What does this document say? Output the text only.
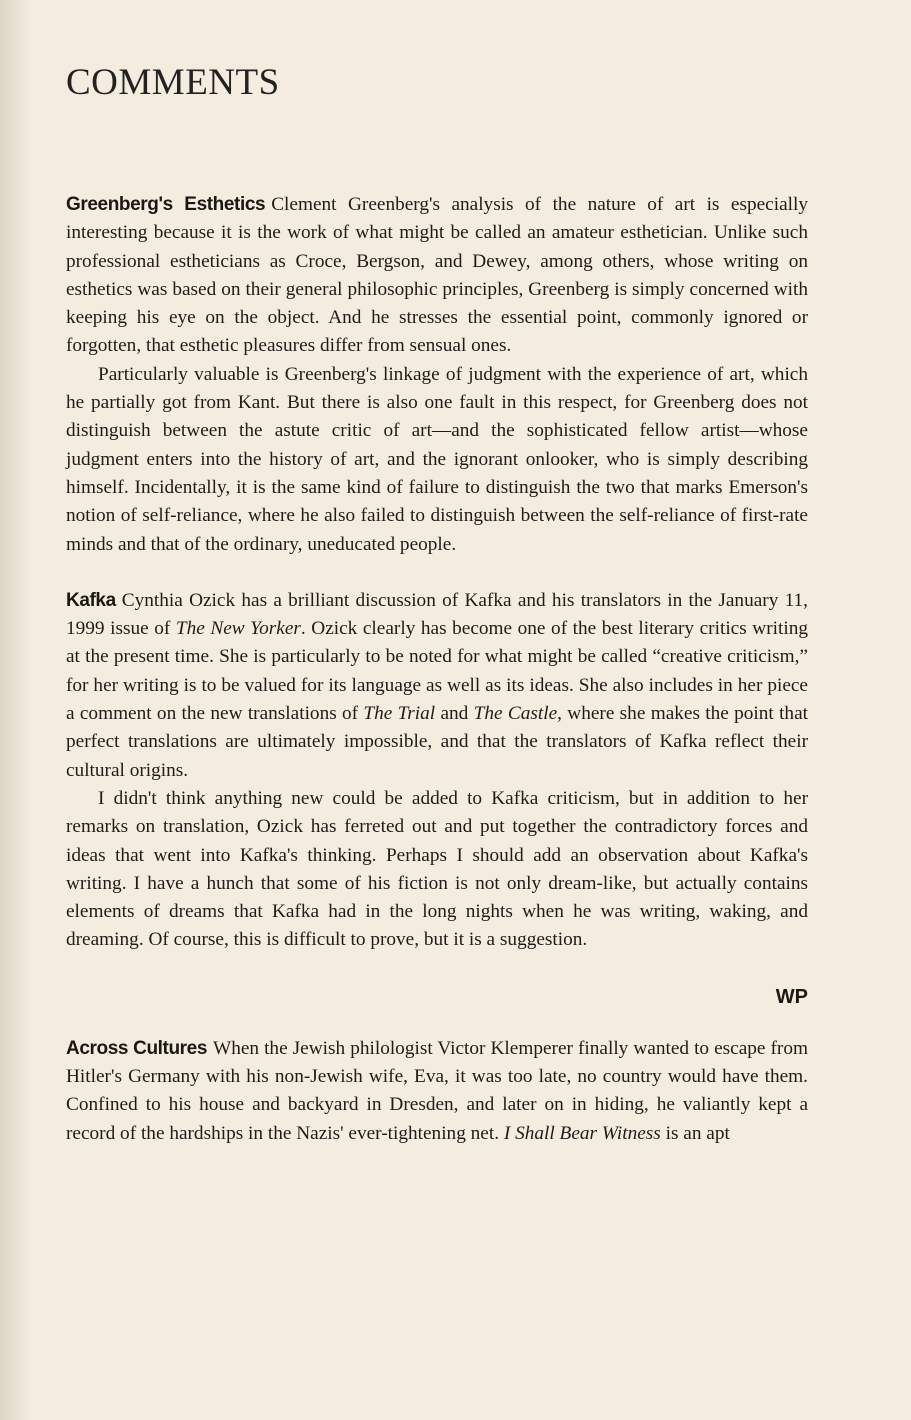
COMMENTS

Greenberg's Esthetics Clement Greenberg's analysis of the nature of art is especially interesting because it is the work of what might be called an amateur esthetician. Unlike such professional estheticians as Croce, Bergson, and Dewey, among others, whose writing on esthetics was based on their general philosophic principles, Greenberg is simply concerned with keeping his eye on the object. And he stresses the essential point, commonly ignored or forgotten, that esthetic pleasures differ from sensual ones.

Particularly valuable is Greenberg's linkage of judgment with the experience of art, which he partially got from Kant. But there is also one fault in this respect, for Greenberg does not distinguish between the astute critic of art—and the sophisticated fellow artist—whose judgment enters into the history of art, and the ignorant onlooker, who is simply describing himself. Incidentally, it is the same kind of failure to distinguish the two that marks Emerson's notion of self-reliance, where he also failed to distinguish between the self-reliance of first-rate minds and that of the ordinary, uneducated people.

Kafka Cynthia Ozick has a brilliant discussion of Kafka and his translators in the January 11, 1999 issue of The New Yorker. Ozick clearly has become one of the best literary critics writing at the present time. She is particularly to be noted for what might be called “creative criticism,” for her writing is to be valued for its language as well as its ideas. She also includes in her piece a comment on the new translations of The Trial and The Castle, where she makes the point that perfect translations are ultimately impossible, and that the translators of Kafka reflect their cultural origins.

I didn't think anything new could be added to Kafka criticism, but in addition to her remarks on translation, Ozick has ferreted out and put together the contradictory forces and ideas that went into Kafka's thinking. Perhaps I should add an observation about Kafka's writing. I have a hunch that some of his fiction is not only dream-like, but actually contains elements of dreams that Kafka had in the long nights when he was writing, waking, and dreaming. Of course, this is difficult to prove, but it is a suggestion.

WP

Across Cultures When the Jewish philologist Victor Klemperer finally wanted to escape from Hitler's Germany with his non-Jewish wife, Eva, it was too late, no country would have them. Confined to his house and backyard in Dresden, and later on in hiding, he valiantly kept a record of the hardships in the Nazis' ever-tightening net. I Shall Bear Witness is an apt
